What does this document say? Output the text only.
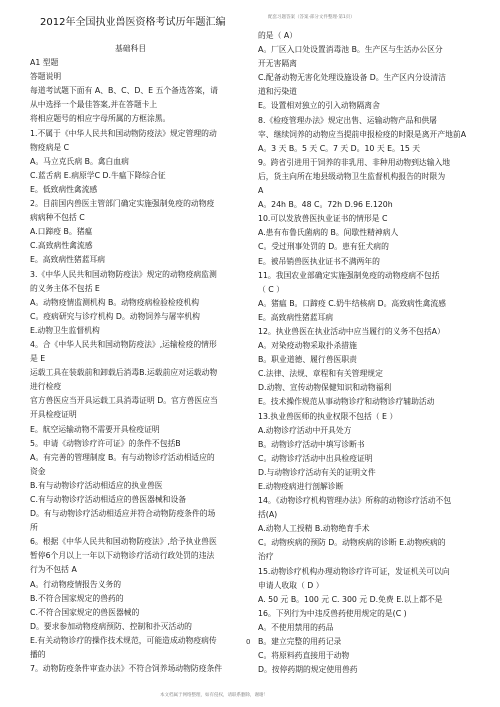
2012年全国执业兽医资格考试历年题汇编	配套习题答案（答案·部分文件整理·第1页）
基础科目
A1 型题
答题说明
每道考试题下面有 A、B、C、D、E 五个备选答案，请
从中选择一个最佳答案,并在答题卡上
将相应题号的相应字母所属的方框涂黑。
1.不属于《中华人民共和国动物防疫法》规定管理的动
物疫病是 C
A。马立克氏病 B。禽白血病
C.蓝舌病 E.病原学C D.牛瘟下降综合征
E。低致病性禽流感
2。目前国内兽医主管部门确定实施强制免疫的动物疫
病病种不包括 C
A.口蹄疫 B。猪瘟
C.高致病性禽流感
E。高致病性猪蓝耳病
3.《中华人民共和国动物防疫法》规定的动物疫病监测
的义务主体不包括 E
A。动物疫情监测机构 B。动物疫病检验检疫机构
C。疫病研究与诊疗机构 D。动物饲养与屠宰机构
E.动物卫生监督机构
4。合《中华人民共和国动物防疫法》,运输检疫的情形
是 E
运载工具在装载前和卸载后消毒B.运载前应对运载动物
进行检疫
官方兽医应当开具运载工具消毒证明 D。官方兽医应当
开具检疫证明
E。航空运输动物不需要开具检疫证明
5。申请《动物诊疗许可证》的条件不包括B
A。有完善的管理制度 B。有与动物诊疗活动相适应的
资金
B.有与动物诊疗活动相适应的执业兽医
C.有与动物诊疗活动相适应的兽医器械和设备
D。有与动物诊疗活动相适应并符合动物防疫条件的场
所
6。根据《中华人民共和国动物防疫法》,给予执业兽医
暂停6个月以上一年以下动物诊疗活动行政处罚的违法
行为不包括 A
A。行动物疫情报告义务的
B.不符合国家规定的兽药的
C.不符合国家规定的兽医器械的
D。要求参加动物疫病预防、控制和扑灭活动的
E.有关动物诊疗的操作技术规范，可能造成动物疫病传
播的
7。动物防疫条件审查办法》不符合饲养场动物防疫条件
的是（ A）
A。厂区入口处设置消毒池 B。生产区与生活办公区分
开无害隔离
C.配备动物无害化处理设施设备 D。生产区内分设清洁
道和污染道
E。设置相对独立的引入动物隔离舍
8.《检疫管理办法》规定出售、运输动物产品和供屠
宰、继续饲养的动物应当提前申报检疫的时限是离开产地前A
A。3 天 B。5 天 C。7 天 D。10 天 E。15 天
9。跨省引进用于饲养的非乳用、非种用动物到达输入地
后，货主向所在地县级动物卫生监督机构报告的时限为
A
A。24h B。48 C。72h D.96 E.120h
10.可以发放兽医执业证书的情形是 C
A.患有布鲁氏菌病的 B。间歇性精神病人
C。受过刑事处罚的 D。患有狂犬病的
E。被吊销兽医执业证书不满两年的
11。我国农业部确定实施强制免疫的动物疫病不包括
（ C ）
A。猪瘟 B。口蹄疫 C.奶牛结核病 D。高致病性禽流感
E。高致病性猪蓝耳病
12。执业兽医在执业活动中应当履行的义务不包括A）
A。对染疫动物采取扑杀措施
B。职业道德、履行兽医职责
C.法律、法规、章程和有关管理规定
D.动物、宣传动物保健知识和动物福利
E。技术操作规范从事动物诊疗和动物诊疗辅助活动
13.执业兽医师的执业权限不包括（ E ）
A.动物诊疗活动中开具处方
B。动物诊疗活动中填写诊断书
C。动物诊疗活动中出具检疫证明
D.与动物诊疗活动有关的证明文件
E.动物疫病进行剖解诊断
14。《动物诊疗机构管理办法》所称的动物诊疗活动不包
括(A)
A.动物人工授精 B.动物绝育手术
C。动物疾病的预防 D。动物疾病的诊断 E.动物疾病的
治疗
15.动物诊疗机构办理动物诊疗许可证，发证机关可以向
申请人收取（ D ）
A. 50 元 B。100 元 C. 300 元 D.免费 E.以上都不是
16。下列行为中违反兽药使用规定的是(C )
A。不使用禁用的药品
B。建立完整的用药记录
C。将原料药直接用于动物
D。按停药期的规定使用兽药
0
本文档属于网络整理，如有侵权，请联系删除，谢谢！
